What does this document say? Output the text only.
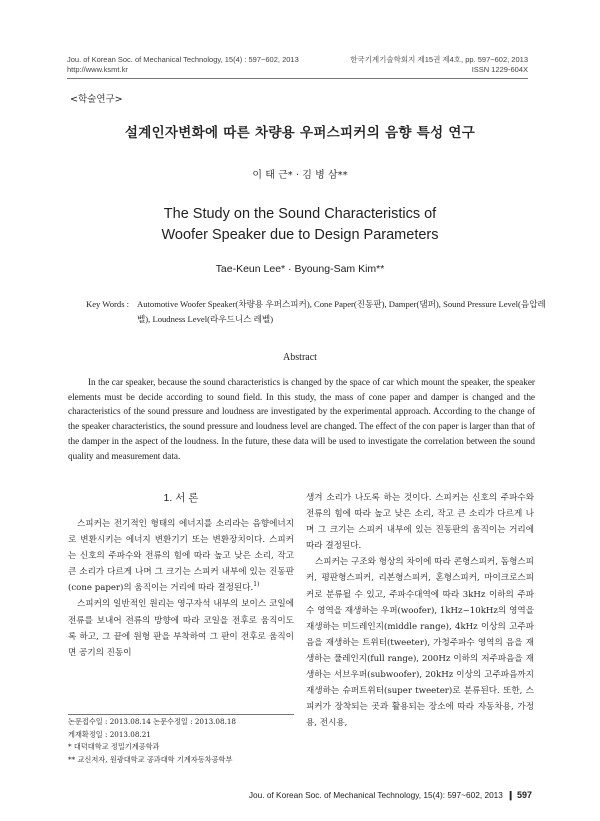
Jou. of Korean Soc. of Mechanical Technology, 15(4) : 597~602, 2013
http://www.ksmt.kr
한국기계기술학회지 제15권 제4호, pp. 597~602, 2013
ISSN 1229-604X
<학술연구>
설계인자변화에 따른 차량용 우퍼스피커의 음향 특성 연구
이 태 근* · 김 병 삼**
The Study on the Sound Characteristics of
Woofer Speaker due to Design Parameters
Tae-Keun Lee* · Byoung-Sam Kim**
Key Words : Automotive Woofer Speaker(차량용 우퍼스피커), Cone Paper(진동판), Damper(댐퍼), Sound Pressure Level(음압레벨), Loudness Level(라우드니스 레벨)
Abstract
In the car speaker, because the sound characteristics is changed by the space of car which mount the speaker, the speaker elements must be decide according to sound field. In this study, the mass of cone paper and damper is changed and the characteristics of the sound pressure and loudness are investigated by the experimental approach. According to the change of the speaker characteristics, the sound pressure and loudness level are changed. The effect of the con paper is larger than that of the damper in the aspect of the loudness. In the future, these data will be used to investigate the correlation between the sound quality and measurement data.
1. 서 론

스피커는 전기적인 형태의 에너지를 소리라는 음향에너지로 변환시키는 에너지 변환기기 또는 변환장치이다. 스피커는 신호의 주파수와 전류의 힘에 따라 높고 낮은 소리, 작고 큰 소리가 다르게 나며 그 크기는 스피커 내부에 있는 진동판(cone paper)의 움직이는 거리에 따라 결정된다.$^{1)}$

스피커의 일반적인 원리는 영구자석 내부의 보이스 코일에 전류를 보내어 전류의 방향에 따라 코일을 전후로 움직이도록 하고, 그 끝에 원형 판을 부착하여 그 판이 전후로 움직이면 공기의 진동이

논문접수일 : 2013.08.14 논문수정일 : 2013.08.18
게재확정일 : 2013.08.21
* 대덕대학교 정밀기계공학과
** 교신저자, 원광대학교 공과대학 기계자동차공학부

생겨 소리가 나도록 하는 것이다. 스피커는 신호의 주파수와 전류의 힘에 따라 높고 낮은 소리, 작고 큰 소리가 다르게 나며 그 크기는 스피커 내부에 있는 진동판의 움직이는 거리에 따라 결정된다.

스피커는 구조와 형상의 차이에 따라 콘형스피커, 돔형스피커, 평판형스피커, 리본형스피커, 혼형스피커, 마이크로스피커로 분류될 수 있고, 주파수대역에 따라 3kHz 이하의 주파수 영역을 재생하는 우퍼(woofer), 1kHz~10kHz의 영역을 재생하는 미드레인지(middle range), 4kHz 이상의 고주파음을 재생하는 트위터(tweeter), 가청주파수 영역의 음을 재생하는 풀레인지(full range), 200Hz 이하의 저주파음을 재생하는 서브우퍼(subwoofer), 20kHz 이상의 고주파음까지 재생하는 슈퍼트위터(super tweeter)로 분류된다. 또한, 스피커가 장착되는 곳과 활용되는 장소에 따라 자동차용, 가정용, 전시용,

Jou. of Korean Soc. of Mechanical Technology, 15(4): 597~602, 2013 ❙ 597
